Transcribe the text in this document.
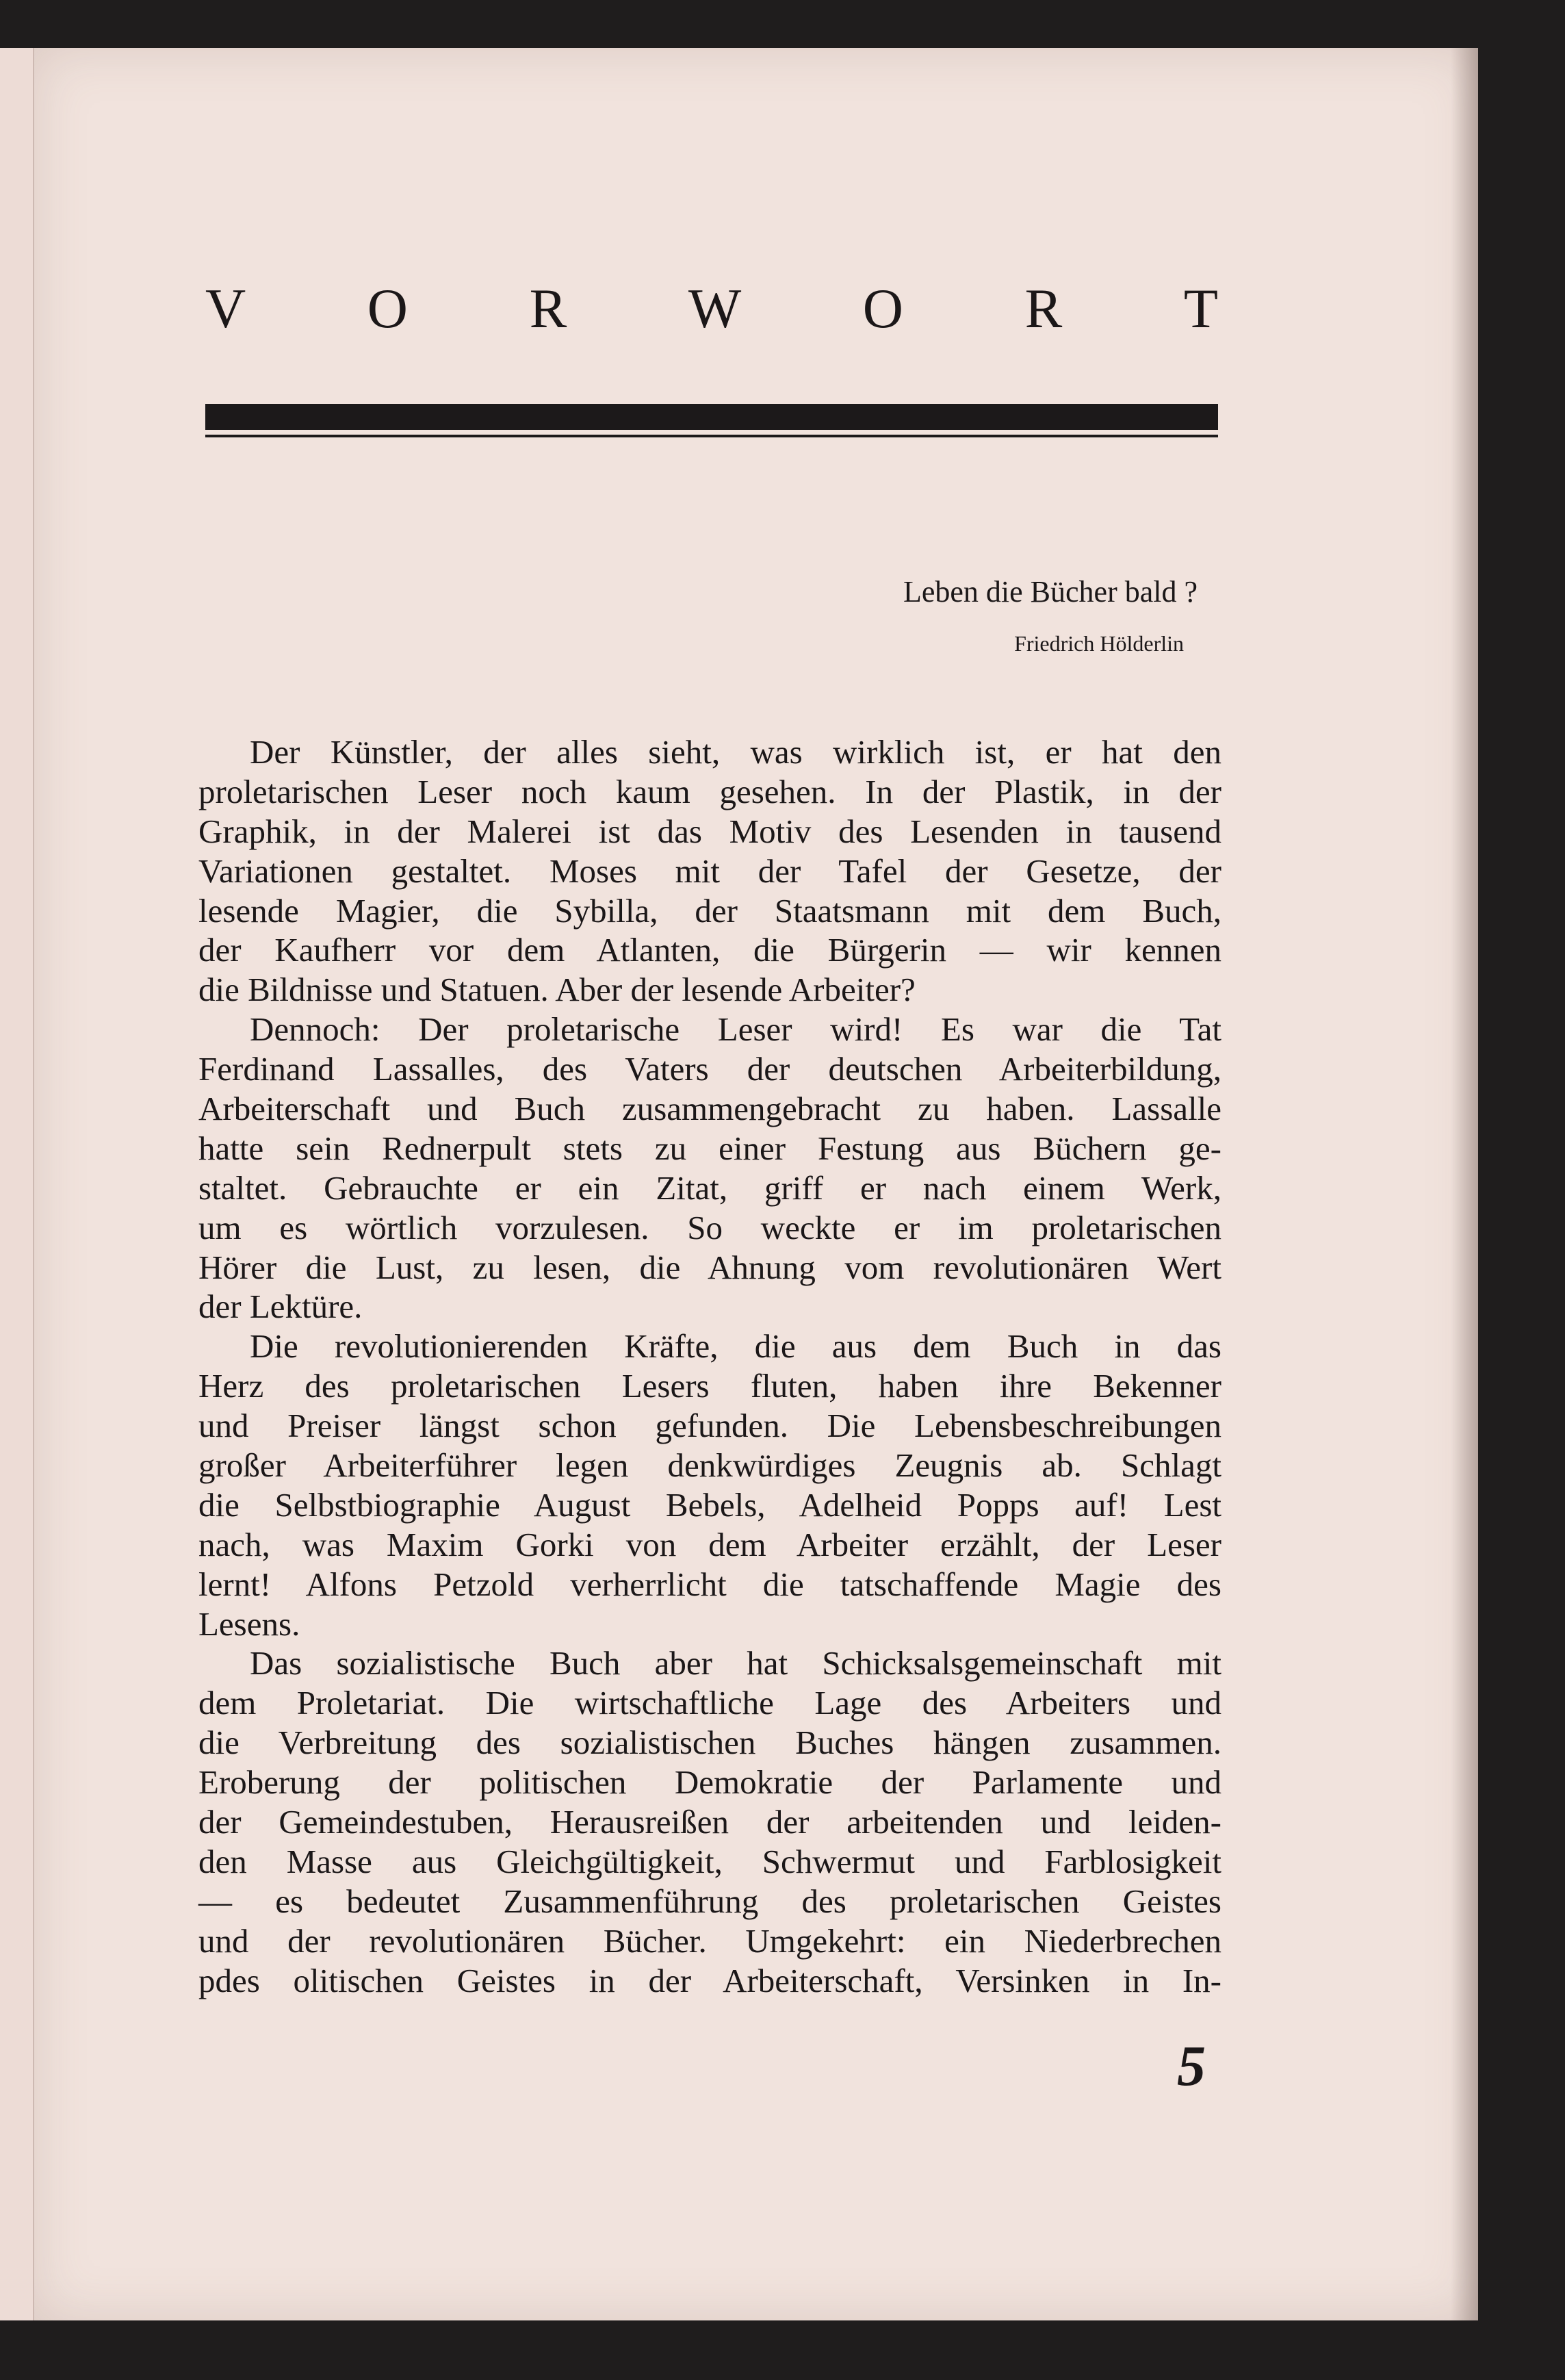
V O R W O R T
Leben die Bücher bald ?
Friedrich Hölderlin
Der Künstler, der alles sieht, was wirklich ist, er hat den
proletarischen Leser noch kaum gesehen. In der Plastik, in der
Graphik, in der Malerei ist das Motiv des Lesenden in tausend
Variationen gestaltet. Moses mit der Tafel der Gesetze, der
lesende Magier, die Sybilla, der Staatsmann mit dem Buch,
der Kaufherr vor dem Atlanten, die Bürgerin — wir kennen
die Bildnisse und Statuen. Aber der lesende Arbeiter?
Dennoch: Der proletarische Leser wird! Es war die Tat
Ferdinand Lassalles, des Vaters der deutschen Arbeiterbildung,
Arbeiterschaft und Buch zusammengebracht zu haben. Lassalle
hatte sein Rednerpult stets zu einer Festung aus Büchern ge-
staltet. Gebrauchte er ein Zitat, griff er nach einem Werk,
um es wörtlich vorzulesen. So weckte er im proletarischen
Hörer die Lust, zu lesen, die Ahnung vom revolutionären Wert
der Lektüre.
Die revolutionierenden Kräfte, die aus dem Buch in das
Herz des proletarischen Lesers fluten, haben ihre Bekenner
und Preiser längst schon gefunden. Die Lebensbeschreibungen
großer Arbeiterführer legen denkwürdiges Zeugnis ab. Schlagt
die Selbstbiographie August Bebels, Adelheid Popps auf! Lest
nach, was Maxim Gorki von dem Arbeiter erzählt, der Leser
lernt! Alfons Petzold verherrlicht die tatschaffende Magie des
Lesens.
Das sozialistische Buch aber hat Schicksalsgemeinschaft mit
dem Proletariat. Die wirtschaftliche Lage des Arbeiters und
die Verbreitung des sozialistischen Buches hängen zusammen.
Eroberung der politischen Demokratie der Parlamente und
der Gemeindestuben, Herausreißen der arbeitenden und leiden-
den Masse aus Gleichgültigkeit, Schwermut und Farblosigkeit
— es bedeutet Zusammenführung des proletarischen Geistes
und der revolutionären Bücher. Umgekehrt: ein Niederbrechen
pdes olitischen Geistes in der Arbeiterschaft, Versinken in In-
5
